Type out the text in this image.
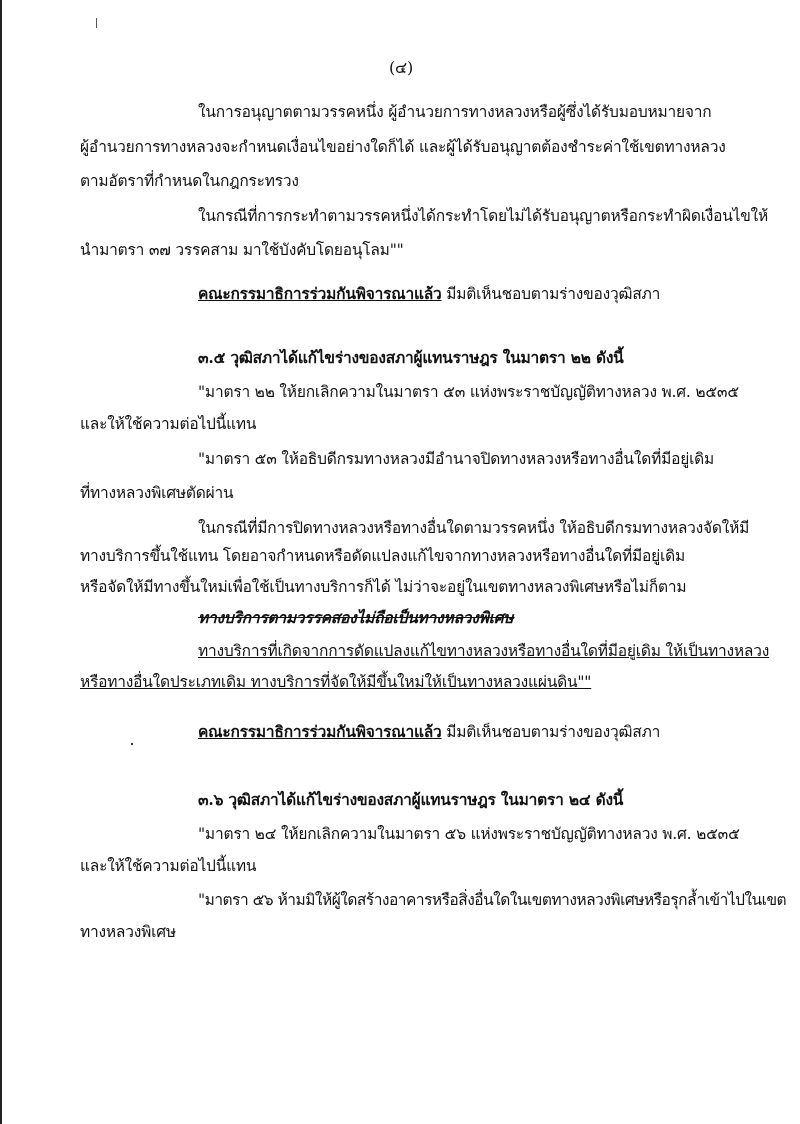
(๔)
ในการอนุญาตตามวรรคหนึ่ง ผู้อำนวยการทางหลวงหรือผู้ซึ่งได้รับมอบหมายจาก
ผู้อำนวยการทางหลวงจะกำหนดเงื่อนไขอย่างใดก็ได้ และผู้ได้รับอนุญาตต้องชำระค่าใช้เขตทางหลวง
ตามอัตราที่กำหนดในกฎกระทรวง
ในกรณีที่การกระทำตามวรรคหนึ่งได้กระทำโดยไม่ได้รับอนุญาตหรือกระทำผิดเงื่อนไขให้
นำมาตรา ๓๗ วรรคสาม มาใช้บังคับโดยอนุโลม""
คณะกรรมาธิการร่วมกันพิจารณาแล้ว มีมติเห็นชอบตามร่างของวุฒิสภา
๓.๕ วุฒิสภาได้แก้ไขร่างของสภาผู้แทนราษฎร ในมาตรา ๒๒ ดังนี้
"มาตรา ๒๒ ให้ยกเลิกความในมาตรา ๕๓ แห่งพระราชบัญญัติทางหลวง พ.ศ. ๒๕๓๕
และให้ใช้ความต่อไปนี้แทน
"มาตรา ๕๓ ให้อธิบดีกรมทางหลวงมีอำนาจปิดทางหลวงหรือทางอื่นใดที่มีอยู่เดิม
ที่ทางหลวงพิเศษตัดผ่าน
ในกรณีที่มีการปิดทางหลวงหรือทางอื่นใดตามวรรคหนึ่ง ให้อธิบดีกรมทางหลวงจัดให้มี
ทางบริการขึ้นใช้แทน โดยอาจกำหนดหรือดัดแปลงแก้ไขจากทางหลวงหรือทางอื่นใดที่มีอยู่เดิม
หรือจัดให้มีทางขึ้นใหม่เพื่อใช้เป็นทางบริการก็ได้ ไม่ว่าจะอยู่ในเขตทางหลวงพิเศษหรือไม่ก็ตาม
ทางบริการตามวรรคสองไม่ถือเป็นทางหลวงพิเศษ
ทางบริการที่เกิดจากการดัดแปลงแก้ไขทางหลวงหรือทางอื่นใดที่มีอยู่เดิม ให้เป็นทางหลวง
หรือทางอื่นใดประเภทเดิม ทางบริการที่จัดให้มีขึ้นใหม่ให้เป็นทางหลวงแผ่นดิน""
คณะกรรมาธิการร่วมกันพิจารณาแล้ว มีมติเห็นชอบตามร่างของวุฒิสภา
๓.๖ วุฒิสภาได้แก้ไขร่างของสภาผู้แทนราษฎร ในมาตรา ๒๔ ดังนี้
"มาตรา ๒๔ ให้ยกเลิกความในมาตรา ๕๖ แห่งพระราชบัญญัติทางหลวง พ.ศ. ๒๕๓๕
และให้ใช้ความต่อไปนี้แทน
"มาตรา ๕๖ ห้ามมิให้ผู้ใดสร้างอาคารหรือสิ่งอื่นใดในเขตทางหลวงพิเศษหรือรุกล้ำเข้าไปในเขต
ทางหลวงพิเศษ
